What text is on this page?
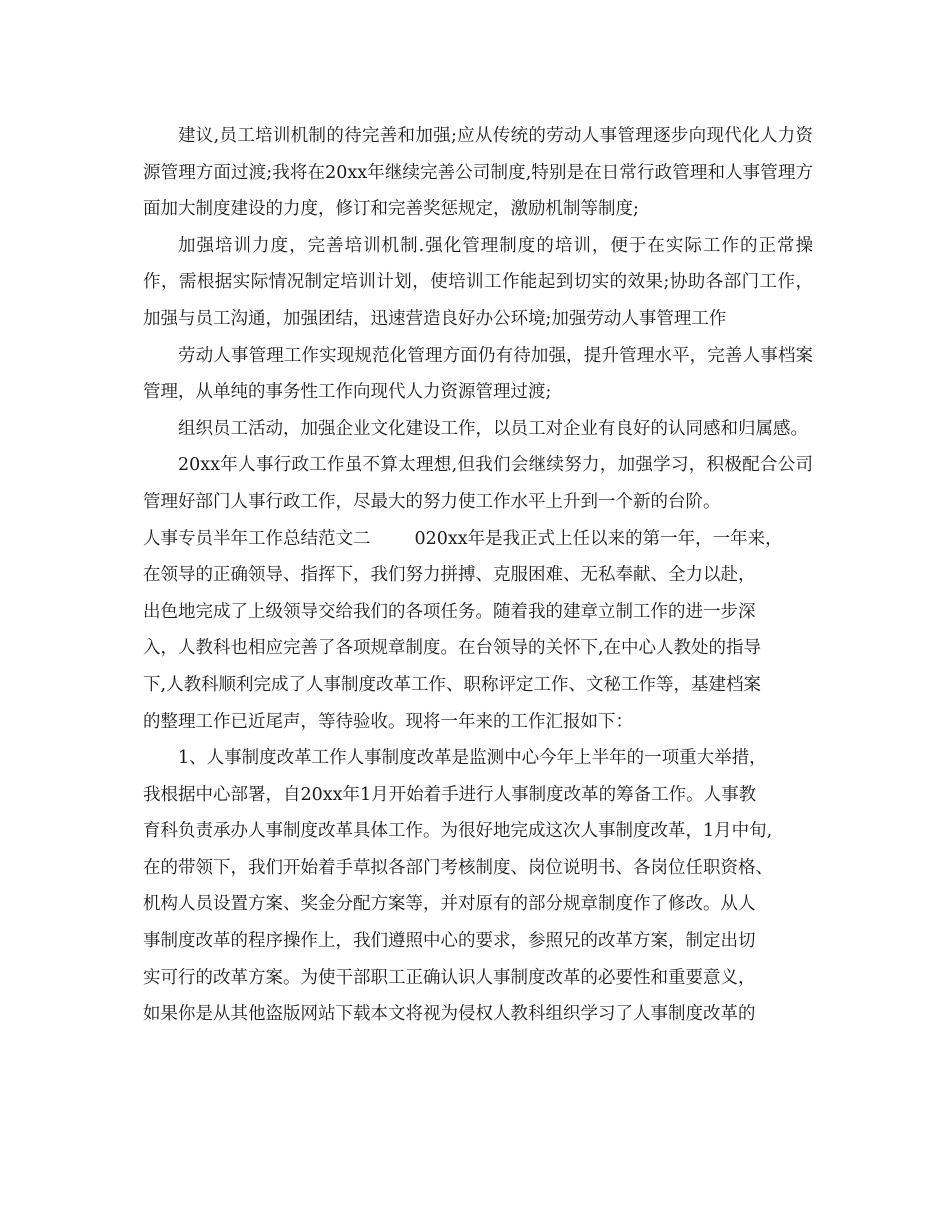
建议,员工培训机制的待完善和加强;应从传统的劳动人事管理逐步向现代化人力资源管理方面过渡;我将在20xx年继续完善公司制度,特别是在日常行政管理和人事管理方面加大制度建设的力度，修订和完善奖惩规定，激励机制等制度;

加强培训力度，完善培训机制.强化管理制度的培训，便于在实际工作的正常操作，需根据实际情况制定培训计划，使培训工作能起到切实的效果;协助各部门工作，加强与员工沟通，加强团结，迅速营造良好办公环境;加强劳动人事管理工作

劳动人事管理工作实现规范化管理方面仍有待加强，提升管理水平，完善人事档案管理，从单纯的事务性工作向现代人力资源管理过渡;

组织员工活动，加强企业文化建设工作，以员工对企业有良好的认同感和归属感。

20xx年人事行政工作虽不算太理想,但我们会继续努力，加强学习，积极配合公司管理好部门人事行政工作，尽最大的努力使工作水平上升到一个新的台阶。

人事专员半年工作总结范文二	020xx年是我正式上任以来的第一年，一年来，
在领导的正确领导、指挥下，我们努力拼搏、克服困难、无私奉献、全力以赴，
出色地完成了上级领导交给我们的各项任务。随着我的建章立制工作的进一步深
入，人教科也相应完善了各项规章制度。在台领导的关怀下,在中心人教处的指导
下,人教科顺利完成了人事制度改革工作、职称评定工作、文秘工作等，基建档案
的整理工作已近尾声，等待验收。现将一年来的工作汇报如下：
1、人事制度改革工作人事制度改革是监测中心今年上半年的一项重大举措，
我根据中心部署，自20xx年1月开始着手进行人事制度改革的筹备工作。人事教
育科负责承办人事制度改革具体工作。为很好地完成这次人事制度改革，1月中旬,
在的带领下，我们开始着手草拟各部门考核制度、岗位说明书、各岗位任职资格、
机构人员设置方案、奖金分配方案等，并对原有的部分规章制度作了修改。从人
事制度改革的程序操作上，我们遵照中心的要求，参照兄的改革方案，制定出切
实可行的改革方案。为使干部职工正确认识人事制度改革的必要性和重要意义，
如果你是从其他盗版网站下载本文将视为侵权人教科组织学习了人事制度改革的
